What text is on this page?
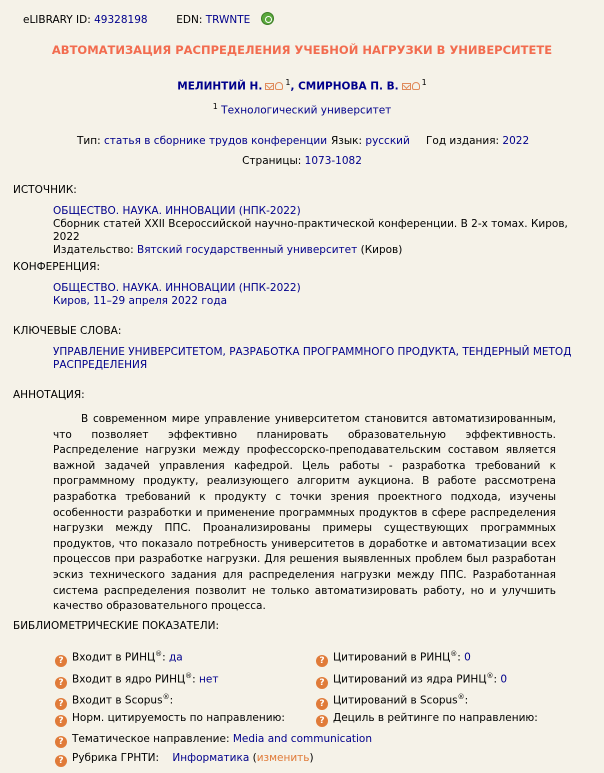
eLIBRARY ID: 49328198	EDN: TRWNTE
АВТОМАТИЗАЦИЯ РАСПРЕДЕЛЕНИЯ УЧЕБНОЙ НАГРУЗКИ В УНИВЕРСИТЕТЕ
МЕЛИНТИЙ Н.	$^1$, СМИРНОВА П. В.	$^1$
$^1$ Технологический университет
Тип: статья в сборнике трудов конференции Язык: русский Год издания: 2022
Страницы: 1073-1082
ИСТОЧНИК:
ОБЩЕСТВО. НАУКА. ИННОВАЦИИ (НПК-2022)
Сборник статей XXII Всероссийской научно-практической конференции. В 2-х томах. Киров, 2022
Издательство: Вятский государственный университет (Киров)
КОНФЕРЕНЦИЯ:
ОБЩЕСТВО. НАУКА. ИННОВАЦИИ (НПК-2022)
Киров, 11–29 апреля 2022 года
КЛЮЧЕВЫЕ СЛОВА:
УПРАВЛЕНИЕ УНИВЕРСИТЕТОМ, РАЗРАБОТКА ПРОГРАММНОГО ПРОДУКТА, ТЕНДЕРНЫЙ МЕТОД
РАСПРЕДЕЛЕНИЯ
АННОТАЦИЯ:
В современном мире управление университетом становится автоматизированным, что позволяет эффективно планировать образовательную эффективность. Распределение нагрузки между профессорско-преподавательским составом является важной задачей управления кафедрой. Цель работы - разработка требований к программному продукту, реализующего алгоритм аукциона. В работе рассмотрена разработка требований к продукту с точки зрения проектного подхода, изучены особенности разработки и применение программных продуктов в сфере распределения нагрузки между ППС. Проанализированы примеры существующих программных продуктов, что показало потребность университетов в доработке и автоматизации всех процессов при разработке нагрузки. Для решения выявленных проблем был разработан эскиз технического задания для распределения нагрузки между ППС. Разработанная система распределения позволит не только автоматизировать работу, но и улучшить качество образовательного процесса.
БИБЛИОМЕТРИЧЕСКИЕ ПОКАЗАТЕЛИ:
? Входит в РИНЦ®: да	? Цитирований в РИНЦ®: 0
? Входит в ядро РИНЦ®: нет	? Цитирований из ядра РИНЦ®: 0
? Входит в Scopus®:	? Цитирований в Scopus®:
? Норм. цитируемость по направлению:	? Дециль в рейтинге по направлению:
? Тематическое направление: Media and communication
? Рубрика ГРНТИ: Информатика (изменить)
